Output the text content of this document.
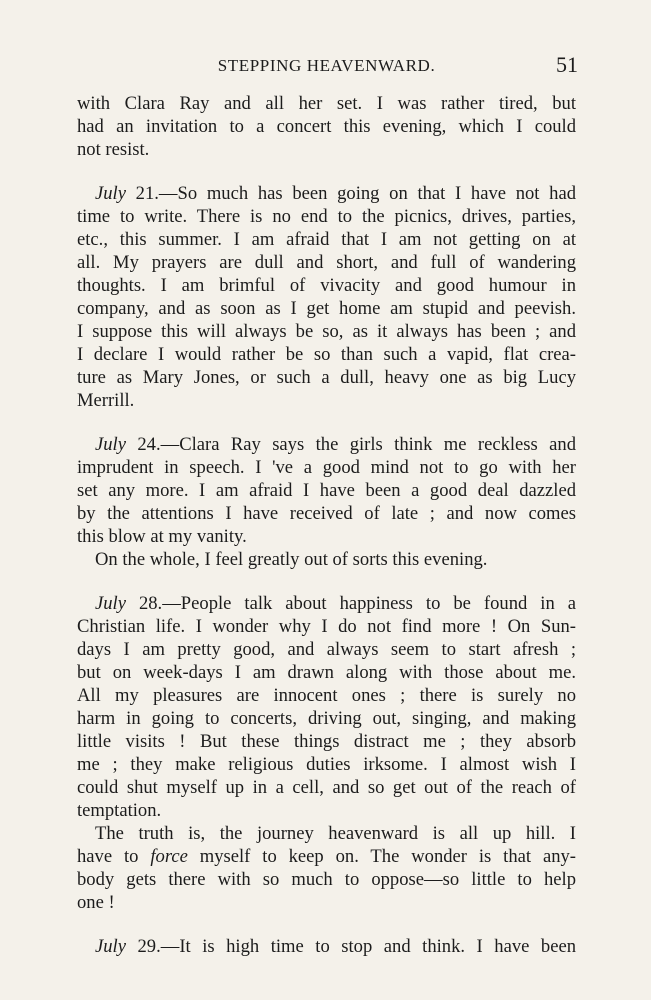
STEPPING HEAVENWARD.	51
with Clara Ray and all her set. I was rather tired, but
had an invitation to a concert this evening, which I could
not resist.
July 21.—So much has been going on that I have not had
time to write. There is no end to the picnics, drives, parties,
etc., this summer. I am afraid that I am not getting on at
all. My prayers are dull and short, and full of wandering
thoughts. I am brimful of vivacity and good humour in
company, and as soon as I get home am stupid and peevish.
I suppose this will always be so, as it always has been ; and
I declare I would rather be so than such a vapid, flat crea-
ture as Mary Jones, or such a dull, heavy one as big Lucy
Merrill.
July 24.—Clara Ray says the girls think me reckless and
imprudent in speech. I 've a good mind not to go with her
set any more. I am afraid I have been a good deal dazzled
by the attentions I have received of late ; and now comes
this blow at my vanity.
On the whole, I feel greatly out of sorts this evening.
July 28.—People talk about happiness to be found in a
Christian life. I wonder why I do not find more ! On Sun-
days I am pretty good, and always seem to start afresh ;
but on week-days I am drawn along with those about me.
All my pleasures are innocent ones ; there is surely no
harm in going to concerts, driving out, singing, and making
little visits ! But these things distract me ; they absorb
me ; they make religious duties irksome. I almost wish I
could shut myself up in a cell, and so get out of the reach of
temptation.
The truth is, the journey heavenward is all up hill. I
have to force myself to keep on. The wonder is that any-
body gets there with so much to oppose—so little to help
one !
July 29.—It is high time to stop and think. I have been
